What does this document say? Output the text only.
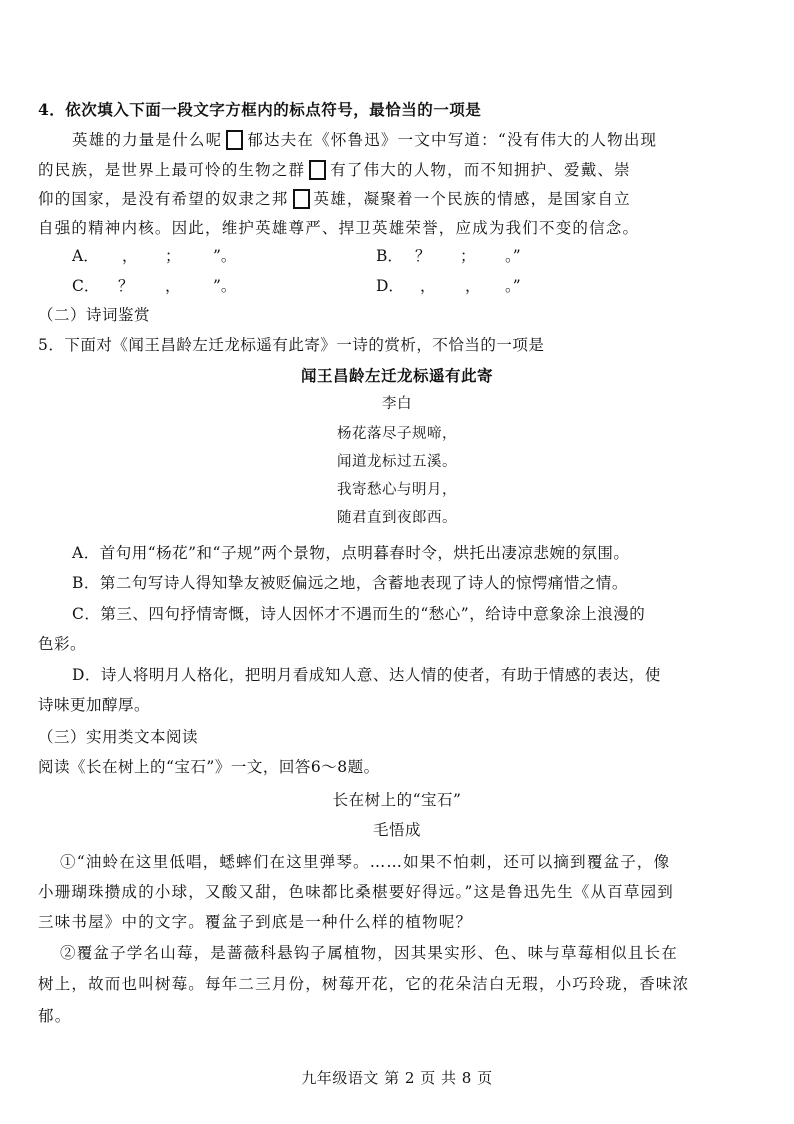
4．依次填入下面一段文字方框内的标点符号，最恰当的一项是
英雄的力量是什么呢 郁达夫在《怀鲁迅》一文中写道：“没有伟大的人物出现
的民族，是世界上最可怜的生物之群 有了伟大的人物，而不知拥护、爱戴、崇
仰的国家，是没有希望的奴隶之邦 英雄，凝聚着一个民族的情感，是国家自立
自强的精神内核。因此，维护英雄尊严、捍卫英雄荣誉，应成为我们不变的信念。
A． ， ； ”。	B． ？ ； 。”
C． ？ ， ”。	D． ， ， 。”
（二）诗词鉴赏
5．下面对《闻王昌龄左迁龙标遥有此寄》一诗的赏析，不恰当的一项是
闻王昌龄左迁龙标遥有此寄
李白
杨花落尽子规啼，
闻道龙标过五溪。
我寄愁心与明月，
随君直到夜郎西。
A．首句用“杨花”和“子规”两个景物，点明暮春时令，烘托出凄凉悲婉的氛围。
B．第二句写诗人得知挚友被贬偏远之地，含蓄地表现了诗人的惊愕痛惜之情。
C．第三、四句抒情寄慨，诗人因怀才不遇而生的“愁心”，给诗中意象涂上浪漫的
色彩。
D．诗人将明月人格化，把明月看成知人意、达人情的使者，有助于情感的表达，使
诗味更加醇厚。
（三）实用类文本阅读
阅读《长在树上的“宝石”》一文，回答6～8题。
长在树上的“宝石”
毛悟成
①“油蛉在这里低唱，蟋蟀们在这里弹琴。……如果不怕刺，还可以摘到覆盆子，像
小珊瑚珠攒成的小球，又酸又甜，色味都比桑椹要好得远。”这是鲁迅先生《从百草园到
三味书屋》中的文字。覆盆子到底是一种什么样的植物呢？
②覆盆子学名山莓，是蔷薇科悬钩子属植物，因其果实形、色、味与草莓相似且长在
树上，故而也叫树莓。每年二三月份，树莓开花，它的花朵洁白无瑕，小巧玲珑，香味浓
郁。
九年级语文 第 2 页 共 8 页
